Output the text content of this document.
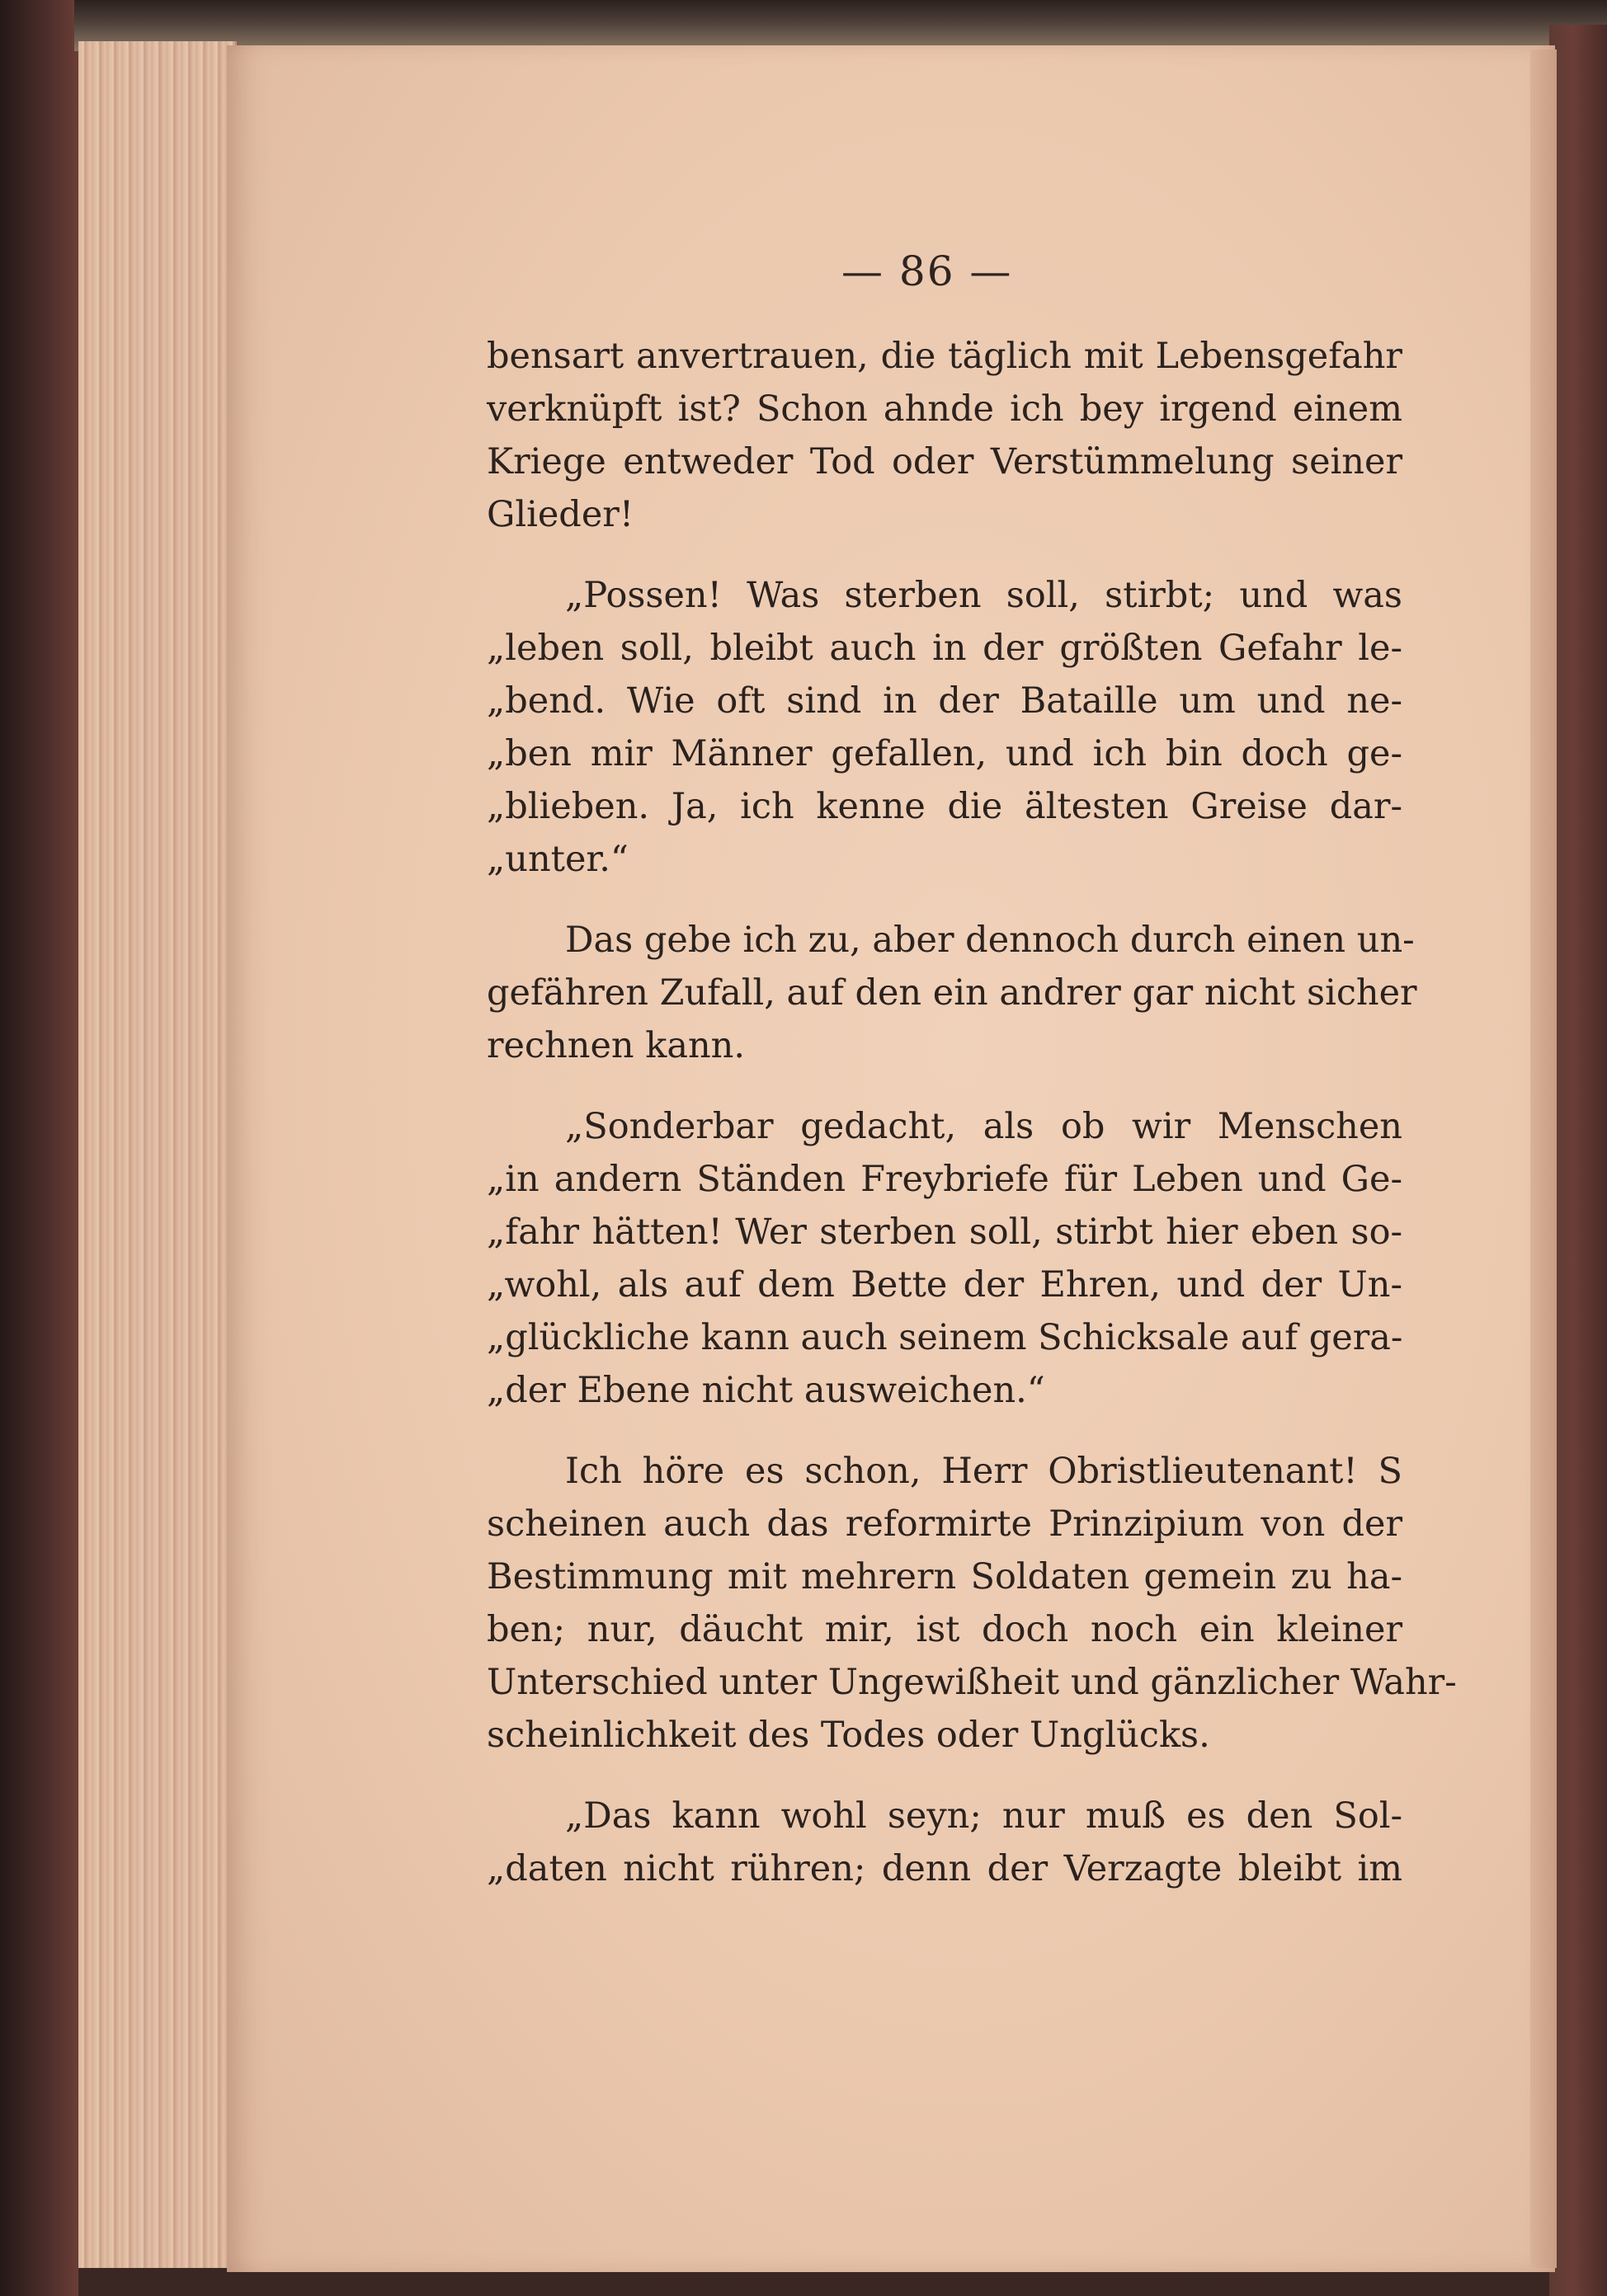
— 86 —
bensart anvertrauen, die täglich mit Lebensgefahr
verknüpft ist? Schon ahnde ich bey irgend einem
Kriege entweder Tod oder Verstümmelung seiner
Glieder!
„Possen! Was sterben soll, stirbt; und was
„leben soll, bleibt auch in der größten Gefahr le-
„bend. Wie oft sind in der Bataille um und ne-
„ben mir Männer gefallen, und ich bin doch ge-
„blieben. Ja, ich kenne die ältesten Greise dar-
„unter.“
Das gebe ich zu, aber dennoch durch einen un-
gefähren Zufall, auf den ein andrer gar nicht sicher
rechnen kann.
„Sonderbar gedacht, als ob wir Menschen
„in andern Ständen Freybriefe für Leben und Ge-
„fahr hätten! Wer sterben soll, stirbt hier eben so-
„wohl, als auf dem Bette der Ehren, und der Un-
„glückliche kann auch seinem Schicksale auf gera-
„der Ebene nicht ausweichen.“
Ich höre es schon, Herr Obristlieutenant! S
scheinen auch das reformirte Prinzipium von der
Bestimmung mit mehrern Soldaten gemein zu ha-
ben; nur, däucht mir, ist doch noch ein kleiner
Unterschied unter Ungewißheit und gänzlicher Wahr-
scheinlichkeit des Todes oder Unglücks.
„Das kann wohl seyn; nur muß es den Sol-
„daten nicht rühren; denn der Verzagte bleibt im
